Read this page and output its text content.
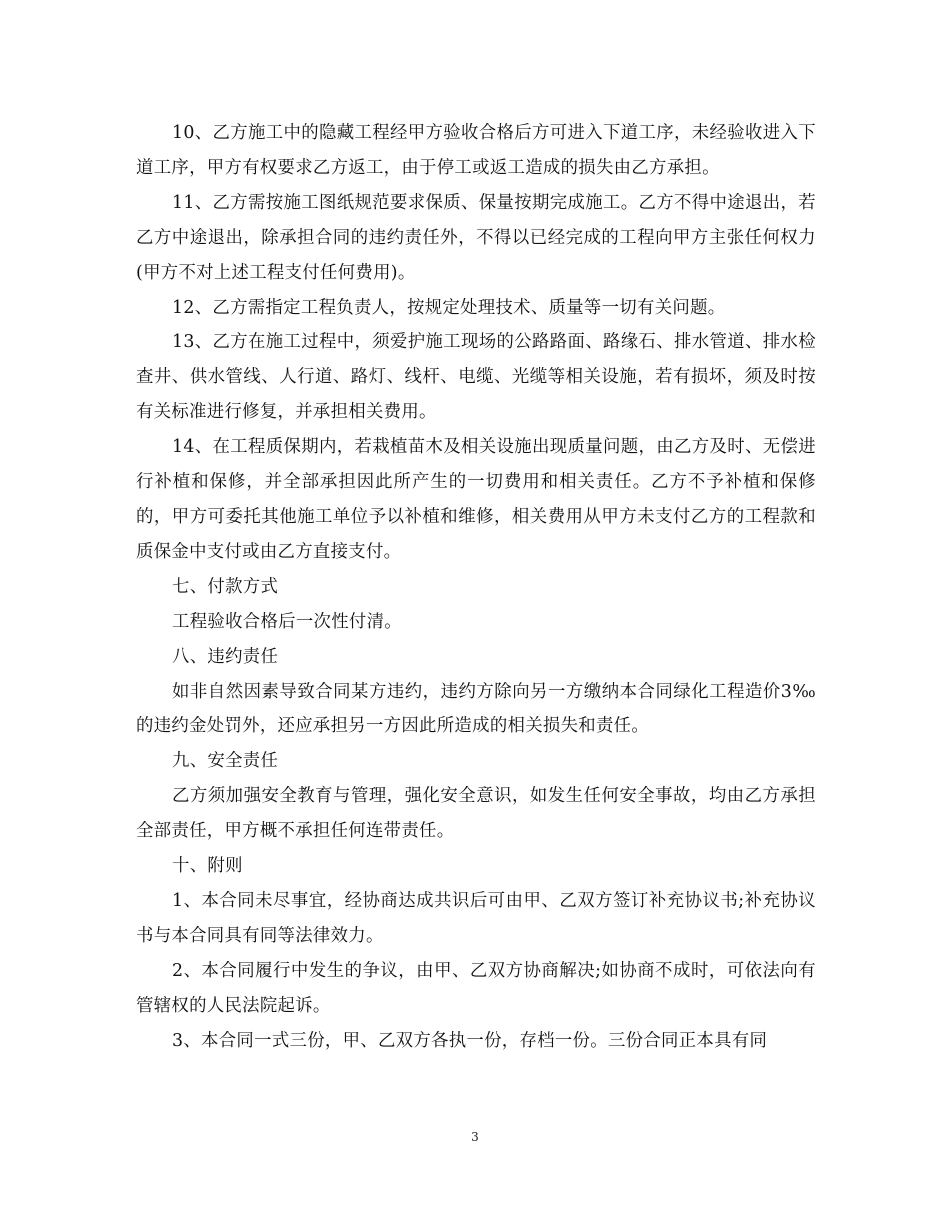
10、乙方施工中的隐藏工程经甲方验收合格后方可进入下道工序，未经验收进入下道工序，甲方有权要求乙方返工，由于停工或返工造成的损失由乙方承担。

11、乙方需按施工图纸规范要求保质、保量按期完成施工。乙方不得中途退出，若乙方中途退出，除承担合同的违约责任外，不得以已经完成的工程向甲方主张任何权力(甲方不对上述工程支付任何费用)。

12、乙方需指定工程负责人，按规定处理技术、质量等一切有关问题。

13、乙方在施工过程中，须爱护施工现场的公路路面、路缘石、排水管道、排水检查井、供水管线、人行道、路灯、线杆、电缆、光缆等相关设施，若有损坏，须及时按有关标准进行修复，并承担相关费用。

14、在工程质保期内，若栽植苗木及相关设施出现质量问题，由乙方及时、无偿进行补植和保修，并全部承担因此所产生的一切费用和相关责任。乙方不予补植和保修的，甲方可委托其他施工单位予以补植和维修，相关费用从甲方未支付乙方的工程款和质保金中支付或由乙方直接支付。

七、付款方式

工程验收合格后一次性付清。

八、违约责任

如非自然因素导致合同某方违约，违约方除向另一方缴纳本合同绿化工程造价3‰的违约金处罚外，还应承担另一方因此所造成的相关损失和责任。

九、安全责任

乙方须加强安全教育与管理，强化安全意识，如发生任何安全事故，均由乙方承担全部责任，甲方概不承担任何连带责任。

十、附则

1、本合同未尽事宜，经协商达成共识后可由甲、乙双方签订补充协议书;补充协议书与本合同具有同等法律效力。

2、本合同履行中发生的争议，由甲、乙双方协商解决;如协商不成时，可依法向有管辖权的人民法院起诉。

3、本合同一式三份，甲、乙双方各执一份，存档一份。三份合同正本具有同

3
